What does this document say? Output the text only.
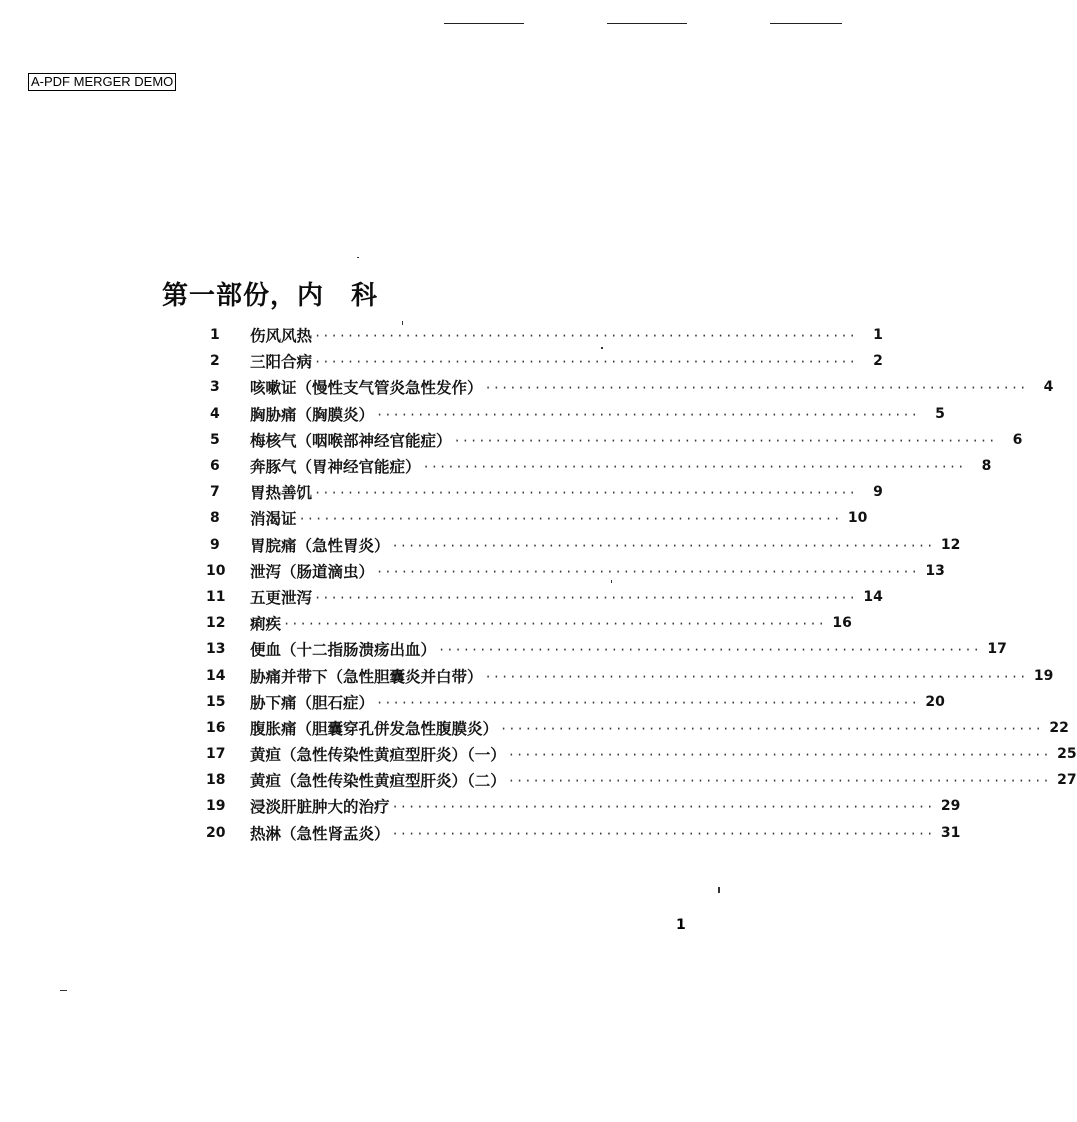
A-PDF MERGER DEMO
第一部份，内　科
1	伤风风热 ··································································	1
2	三阳合病 ··································································	2
3	咳嗽证（慢性支气管炎急性发作） ··································································	4
4	胸胁痛（胸膜炎） ··································································	5
5	梅核气（咽喉部神经官能症） ··································································	6
6	奔豚气（胃神经官能症） ··································································	8
7	胃热善饥 ··································································	9
8	消渴证 ·································································· 10
9	胃脘痛（急性胃炎） ·································································· 12
10	泄泻（肠道滴虫） ·································································· 13
11	五更泄泻 ·································································· 14
12	痢疾 ·································································· 16
13	便血（十二指肠溃疡出血） ·································································· 17
14	胁痛并带下（急性胆囊炎并白带） ·································································· 19
15	胁下痛（胆石症） ·································································· 20
16	腹胀痛（胆囊穿孔併发急性腹膜炎） ·································································· 22
17	黄疸（急性传染性黄疸型肝炎）（一） ·································································· 25
18	黄疸（急性传染性黄疸型肝炎）（二） ·································································· 27
19	浸淡肝脏肿大的治疗 ·································································· 29
20	热淋（急性肾盂炎） ·································································· 31
1
